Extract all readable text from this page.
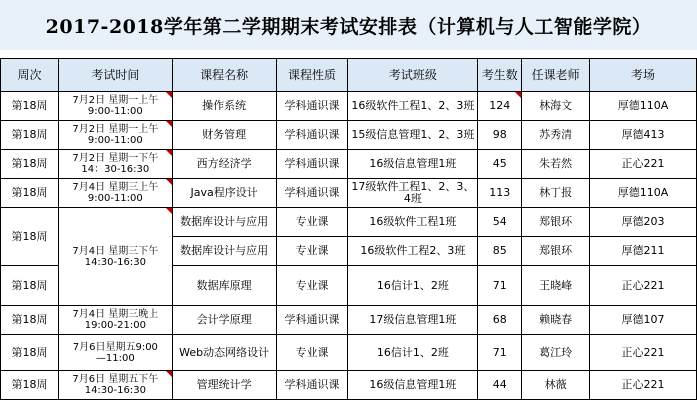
2017-2018学年第二学期期末考试安排表（计算机与人工智能学院）
周次	考试时间	课程名称	课程性质	考试班级	考生数	任课老师	考场
第18周	7月2日 星期一上午
9:00-11:00	操作系统	学科通识课	16级软件工程1、2、3班	124	林海文	厚德110A
第18周	7月2日 星期一上午
9:00-11:00	财务管理	学科通识课	15级信息管理1、2、3班	98	苏秀清	厚德413
第18周	7月2日 星期一下午
14：30-16:30	西方经济学	学科通识课	16级信息管理1班	45	朱若然	正心221
第18周	7月4日 星期三上午
9:00-11:00	Java程序设计	学科通识课	17级软件工程1、2、3、4班	113	林丁报	厚德110A
第18周	7月4日 星期三下午
14:30-16:30	数据库设计与应用	专业课	16级软件工程1班	54	郑银环	厚德203
		数据库设计与应用	专业课	16级软件工程2、3班	85	郑银环	厚德211
第18周		数据库原理	专业课	16信计1、2班	71	王晓峰	正心221
第18周	7月4日 星期三晚上
19:00-21:00	会计学原理	学科通识课	17级信息管理1班	68	赖晓春	厚德107
第18周	7月6日星期五9:00
—11:00	Web动态网络设计	专业课	16信计1、2班	71	葛江玲	正心221
第18周	7月6日 星期五下午
14:30-16:30	管理统计学	学科通识课	16级信息管理1班	44	林薇	正心221
